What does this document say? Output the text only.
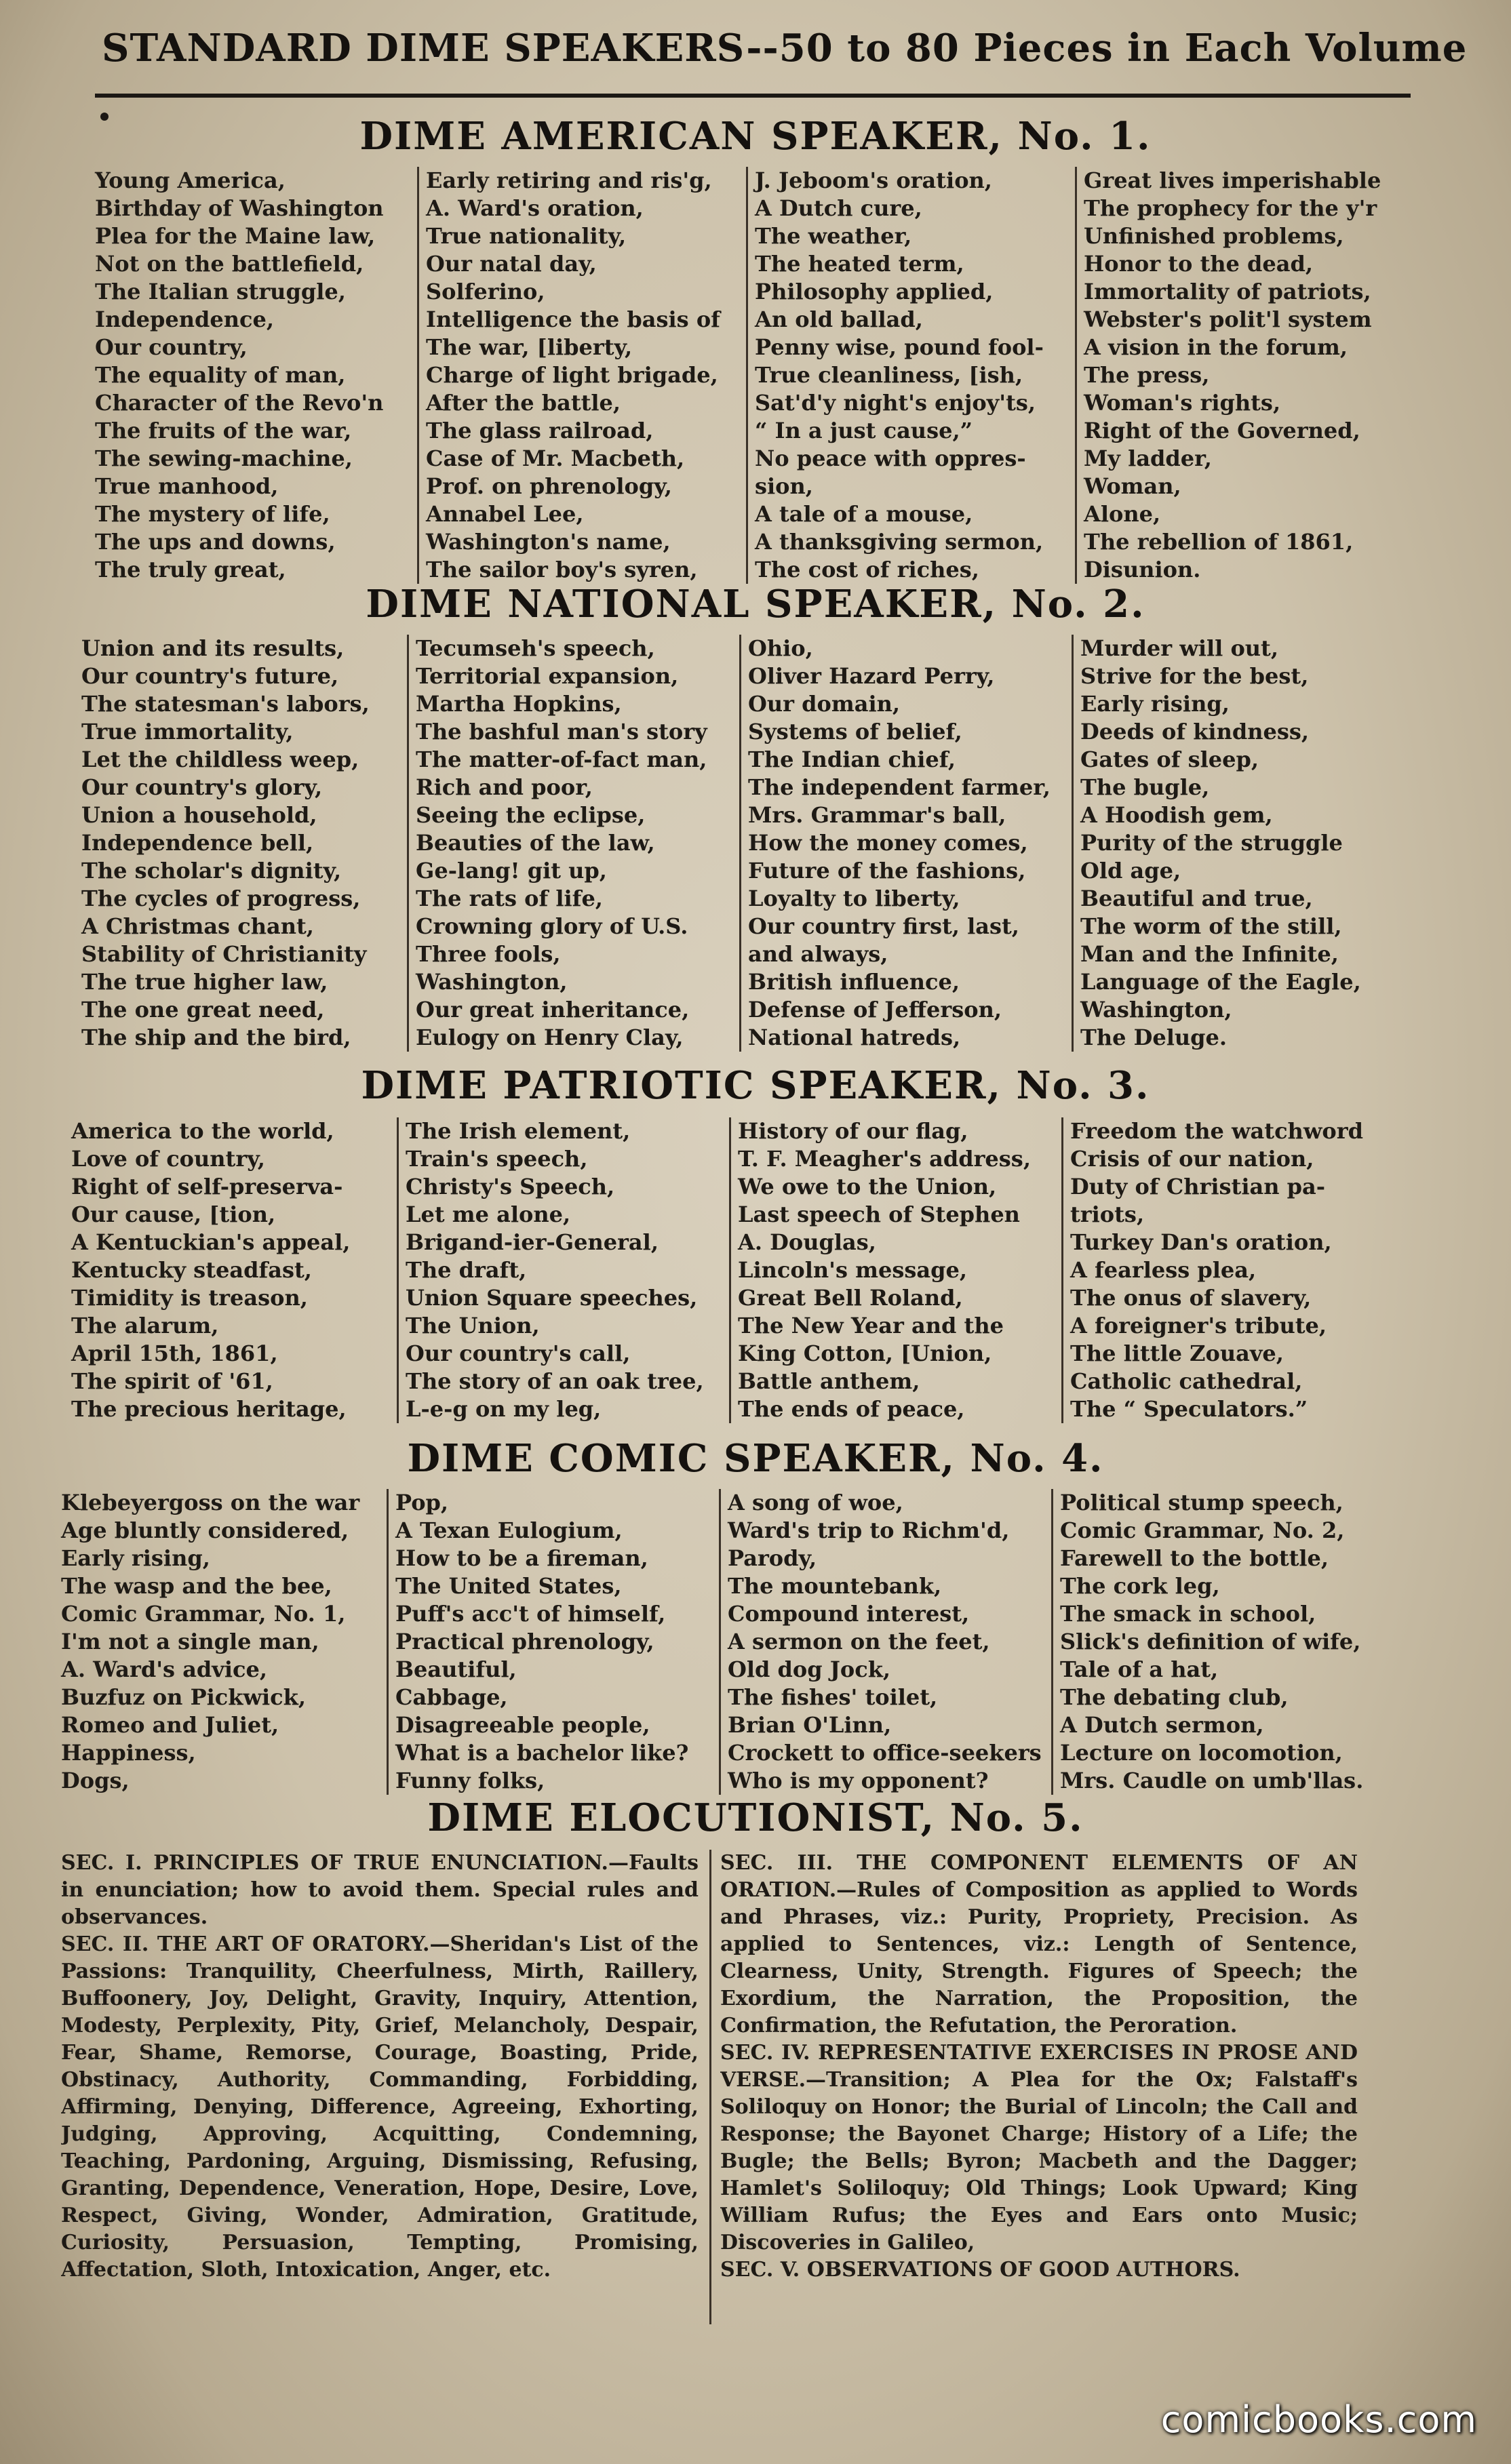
STANDARD DIME SPEAKERS--50 to 80 Pieces in Each Volume
DIME AMERICAN SPEAKER, No. 1.
Young America,
Birthday of Washington
Plea for the Maine law,
Not on the battlefield,
The Italian struggle,
Independence,
Our country,
The equality of man,
Character of the Revo'n
The fruits of the war,
The sewing-machine,
True manhood,
The mystery of life,
The ups and downs,
The truly great,
Early retiring and ris'g,
A. Ward's oration,
True nationality,
Our natal day,
Solferino,
Intelligence the basis of
The war, [liberty,
Charge of light brigade,
After the battle,
The glass railroad,
Case of Mr. Macbeth,
Prof. on phrenology,
Annabel Lee,
Washington's name,
The sailor boy's syren,
J. Jeboom's oration,
A Dutch cure,
The weather,
The heated term,
Philosophy applied,
An old ballad,
Penny wise, pound fool-
True cleanliness, [ish,
Sat'd'y night's enjoy'ts,
“ In a just cause,”
No peace with oppres-
sion,
A tale of a mouse,
A thanksgiving sermon,
The cost of riches,
Great lives imperishable
The prophecy for the y'r
Unfinished problems,
Honor to the dead,
Immortality of patriots,
Webster's polit'l system
A vision in the forum,
The press,
Woman's rights,
Right of the Governed,
My ladder,
Woman,
Alone,
The rebellion of 1861,
Disunion.
DIME NATIONAL SPEAKER, No. 2.
Union and its results,
Our country's future,
The statesman's labors,
True immortality,
Let the childless weep,
Our country's glory,
Union a household,
Independence bell,
The scholar's dignity,
The cycles of progress,
A Christmas chant,
Stability of Christianity
The true higher law,
The one great need,
The ship and the bird,
Tecumseh's speech,
Territorial expansion,
Martha Hopkins,
The bashful man's story
The matter-of-fact man,
Rich and poor,
Seeing the eclipse,
Beauties of the law,
Ge-lang! git up,
The rats of life,
Crowning glory of U.S.
Three fools,
Washington,
Our great inheritance,
Eulogy on Henry Clay,
Ohio,
Oliver Hazard Perry,
Our domain,
Systems of belief,
The Indian chief,
The independent farmer,
Mrs. Grammar's ball,
How the money comes,
Future of the fashions,
Loyalty to liberty,
Our country first, last,
and always,
British influence,
Defense of Jefferson,
National hatreds,
Murder will out,
Strive for the best,
Early rising,
Deeds of kindness,
Gates of sleep,
The bugle,
A Hoodish gem,
Purity of the struggle
Old age,
Beautiful and true,
The worm of the still,
Man and the Infinite,
Language of the Eagle,
Washington,
The Deluge.
DIME PATRIOTIC SPEAKER, No. 3.
America to the world,
Love of country,
Right of self-preserva-
Our cause, [tion,
A Kentuckian's appeal,
Kentucky steadfast,
Timidity is treason,
The alarum,
April 15th, 1861,
The spirit of '61,
The precious heritage,
The Irish element,
Train's speech,
Christy's Speech,
Let me alone,
Brigand-ier-General,
The draft,
Union Square speeches,
The Union,
Our country's call,
The story of an oak tree,
L-e-g on my leg,
History of our flag,
T. F. Meagher's address,
We owe to the Union,
Last speech of Stephen
A. Douglas,
Lincoln's message,
Great Bell Roland,
The New Year and the
King Cotton, [Union,
Battle anthem,
The ends of peace,
Freedom the watchword
Crisis of our nation,
Duty of Christian pa-
triots,
Turkey Dan's oration,
A fearless plea,
The onus of slavery,
A foreigner's tribute,
The little Zouave,
Catholic cathedral,
The “ Speculators.”
DIME COMIC SPEAKER, No. 4.
Klebeyergoss on the war
Age bluntly considered,
Early rising,
The wasp and the bee,
Comic Grammar, No. 1,
I'm not a single man,
A. Ward's advice,
Buzfuz on Pickwick,
Romeo and Juliet,
Happiness,
Dogs,
Pop,
A Texan Eulogium,
How to be a fireman,
The United States,
Puff's acc't of himself,
Practical phrenology,
Beautiful,
Cabbage,
Disagreeable people,
What is a bachelor like?
Funny folks,
A song of woe,
Ward's trip to Richm'd,
Parody,
The mountebank,
Compound interest,
A sermon on the feet,
Old dog Jock,
The fishes' toilet,
Brian O'Linn,
Crockett to office-seekers
Who is my opponent?
Political stump speech,
Comic Grammar, No. 2,
Farewell to the bottle,
The cork leg,
The smack in school,
Slick's definition of wife,
Tale of a hat,
The debating club,
A Dutch sermon,
Lecture on locomotion,
Mrs. Caudle on umb'llas.
DIME ELOCUTIONIST, No. 5.

SEC. I. PRINCIPLES OF TRUE ENUNCIATION.—Faults in enunciation; how to avoid them. Special rules and observances.

SEC. II. THE ART OF ORATORY.—Sheridan's List of the Passions: Tranquility, Cheerfulness, Mirth, Raillery, Buffoonery, Joy, Delight, Gravity, Inquiry, Attention, Modesty, Perplexity, Pity, Grief, Melancholy, Despair, Fear, Shame, Remorse, Courage, Boasting, Pride, Obstinacy, Authority, Commanding, Forbidding, Affirming, Denying, Difference, Agreeing, Exhorting, Judging, Approving, Acquitting, Condemning, Teaching, Pardoning, Arguing, Dismissing, Refusing, Granting, Dependence, Veneration, Hope, Desire, Love, Respect, Giving, Wonder, Admiration, Gratitude, Curiosity, Persuasion, Tempting, Promising, Affectation, Sloth, Intoxication, Anger, etc.

SEC. III. THE COMPONENT ELEMENTS OF AN ORATION.—Rules of Composition as applied to Words and Phrases, viz.: Purity, Propriety, Precision. As applied to Sentences, viz.: Length of Sentence, Clearness, Unity, Strength. Figures of Speech; the Exordium, the Narration, the Proposition, the Confirmation, the Refutation, the Peroration.

SEC. IV. REPRESENTATIVE EXERCISES IN PROSE AND VERSE.—Transition; A Plea for the Ox; Falstaff's Soliloquy on Honor; the Burial of Lincoln; the Call and Response; the Bayonet Charge; History of a Life; the Bugle; the Bells; Byron; Macbeth and the Dagger; Hamlet's Soliloquy; Old Things; Look Upward; King William Rufus; the Eyes and Ears onto Music; Discoveries in Galileo,

SEC. V. OBSERVATIONS OF GOOD AUTHORS.

comicbooks.com
